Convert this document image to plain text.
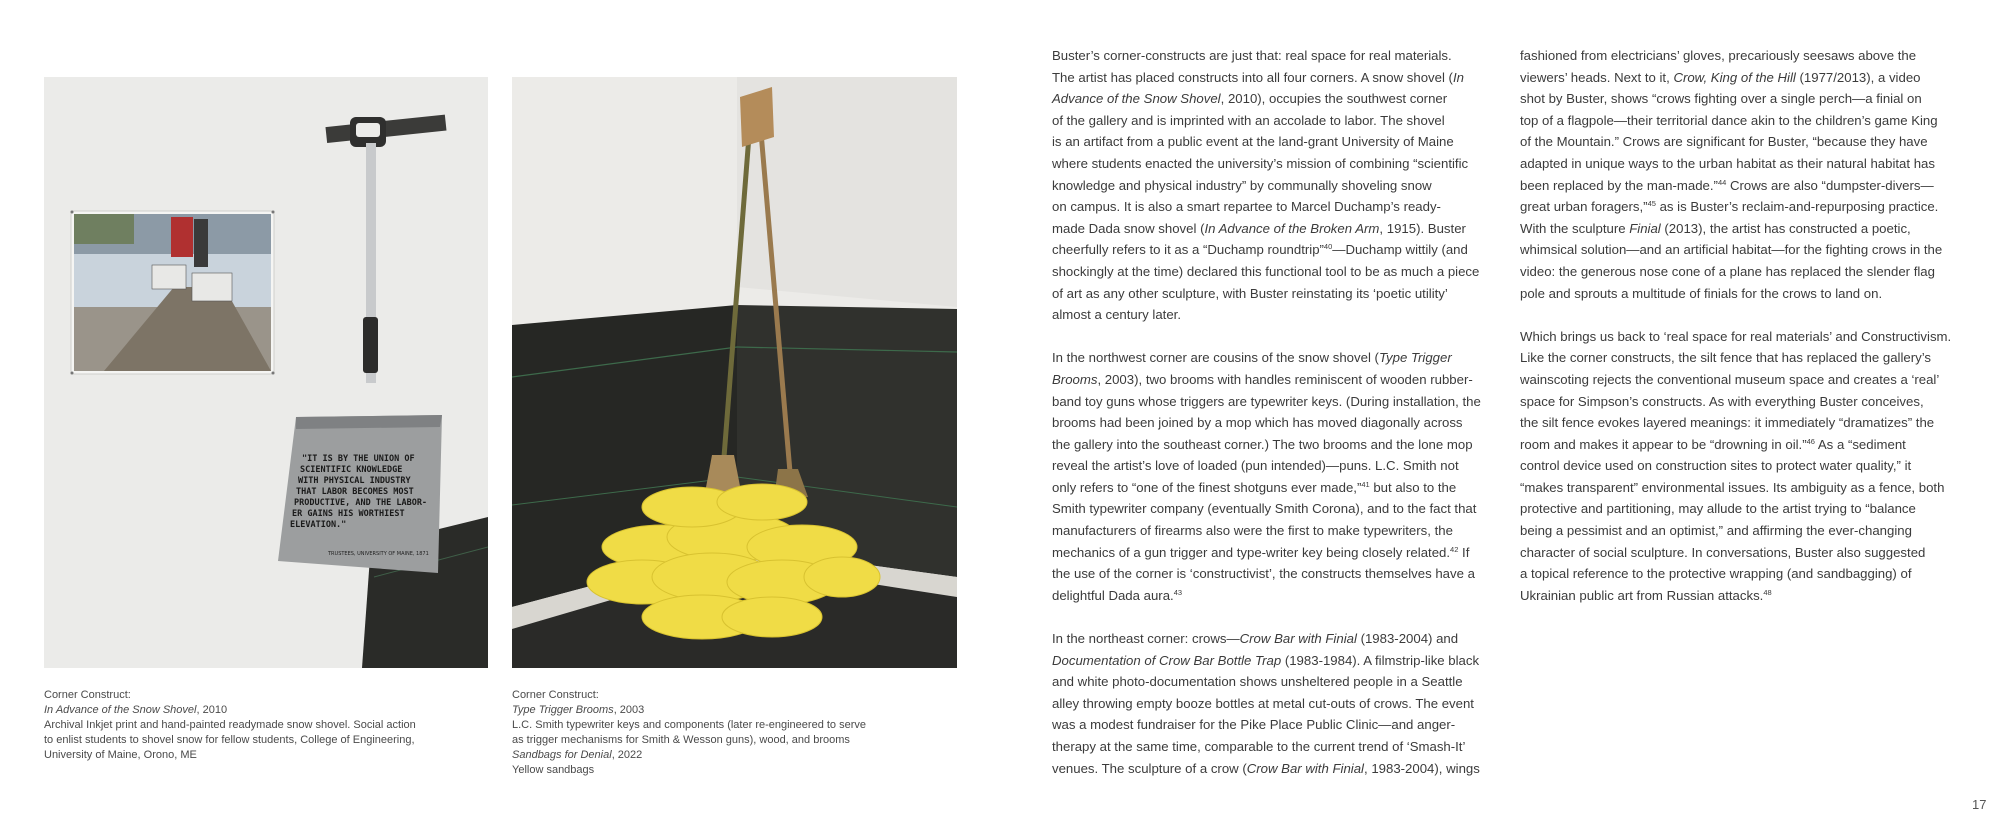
"IT IS BY THE UNION OF
SCIENTIFIC KNOWLEDGE
WITH PHYSICAL INDUSTRY
THAT LABOR BECOMES MOST
PRODUCTIVE, AND THE LABOR-
ER GAINS HIS WORTHIEST
ELEVATION."
TRUSTEES, UNIVERSITY OF MAINE, 1871
Corner Construct:
In Advance of the Snow Shovel, 2010
Archival Inkjet print and hand-painted readymade snow shovel. Social action
to enlist students to shovel snow for fellow students, College of Engineering,
University of Maine, Orono, ME
Corner Construct:
Type Trigger Brooms, 2003
L.C. Smith typewriter keys and components (later re-engineered to serve
as trigger mechanisms for Smith & Wesson guns), wood, and brooms
Sandbags for Denial, 2022
Yellow sandbags

Buster’s corner-constructs are just that: real space for real materials.
The artist has placed constructs into all four corners. A snow shovel (In
Advance of the Snow Shovel, 2010), occupies the southwest corner
of the gallery and is imprinted with an accolade to labor. The shovel
is an artifact from a public event at the land-grant University of Maine
where students enacted the university’s mission of combining “scientific
knowledge and physical industry” by communally shoveling snow
on campus. It is also a smart repartee to Marcel Duchamp’s ready-
made Dada snow shovel (In Advance of the Broken Arm, 1915). Buster
cheerfully refers to it as a “Duchamp roundtrip”$^{40}$—Duchamp wittily (and
shockingly at the time) declared this functional tool to be as much a piece
of art as any other sculpture, with Buster reinstating its ‘poetic utility’
almost a century later.

In the northwest corner are cousins of the snow shovel (Type Trigger
Brooms, 2003), two brooms with handles reminiscent of wooden rubber-
band toy guns whose triggers are typewriter keys. (During installation, the
brooms had been joined by a mop which has moved diagonally across
the gallery into the southeast corner.) The two brooms and the lone mop
reveal the artist’s love of loaded (pun intended)—puns. L.C. Smith not
only refers to “one of the finest shotguns ever made,”$^{41}$ but also to the
Smith typewriter company (eventually Smith Corona), and to the fact that
manufacturers of firearms also were the first to make typewriters, the
mechanics of a gun trigger and type-writer key being closely related.$^{42}$ If
the use of the corner is ‘constructivist’, the constructs themselves have a
delightful Dada aura.$^{43}$

In the northeast corner: crows—Crow Bar with Finial (1983-2004) and
Documentation of Crow Bar Bottle Trap (1983-1984). A filmstrip-like black
and white photo-documentation shows unsheltered people in a Seattle
alley throwing empty booze bottles at metal cut-outs of crows. The event
was a modest fundraiser for the Pike Place Public Clinic—and anger-
therapy at the same time, comparable to the current trend of ‘Smash-It’
venues. The sculpture of a crow (Crow Bar with Finial, 1983-2004), wings

fashioned from electricians’ gloves, precariously seesaws above the
viewers’ heads. Next to it, Crow, King of the Hill (1977/2013), a video
shot by Buster, shows “crows fighting over a single perch—a finial on
top of a flagpole—their territorial dance akin to the children’s game King
of the Mountain.” Crows are significant for Buster, “because they have
adapted in unique ways to the urban habitat as their natural habitat has
been replaced by the man-made.”$^{44}$ Crows are also “dumpster-divers—
great urban foragers,”$^{45}$ as is Buster’s reclaim-and-repurposing practice.
With the sculpture Finial (2013), the artist has constructed a poetic,
whimsical solution—and an artificial habitat—for the fighting crows in the
video: the generous nose cone of a plane has replaced the slender flag
pole and sprouts a multitude of finials for the crows to land on.

Which brings us back to ‘real space for real materials’ and Constructivism.
Like the corner constructs, the silt fence that has replaced the gallery’s
wainscoting rejects the conventional museum space and creates a ‘real’
space for Simpson’s constructs. As with everything Buster conceives,
the silt fence evokes layered meanings: it immediately “dramatizes” the
room and makes it appear to be “drowning in oil.”$^{46}$ As a “sediment
control device used on construction sites to protect water quality,” it
“makes transparent” environmental issues. Its ambiguity as a fence, both
protective and partitioning, may allude to the artist trying to “balance
being a pessimist and an optimist,” and affirming the ever-changing
character of social sculpture. In conversations, Buster also suggested
a topical reference to the protective wrapping (and sandbagging) of
Ukrainian public art from Russian attacks.$^{48}$

17
